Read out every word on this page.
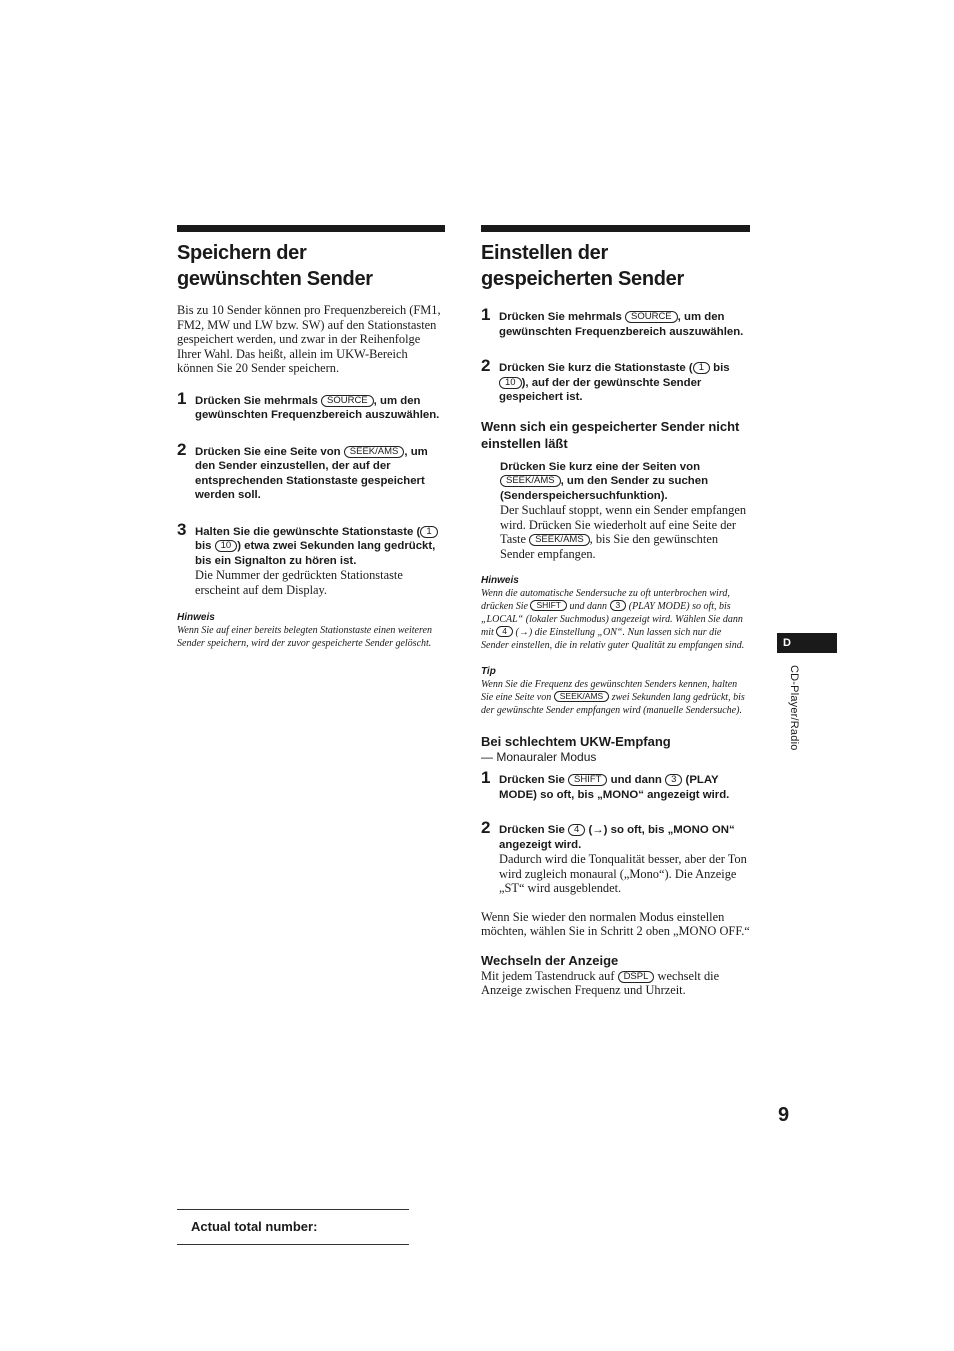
Speichern der
gewünschten Sender

Bis zu 10 Sender können pro Frequenzbereich (FM1, FM2, MW und LW bzw. SW) auf den Stationstasten gespeichert werden, und zwar in der Reihenfolge Ihrer Wahl. Das heißt, allein im UKW-Bereich können Sie 20 Sender speichern.

1 Drücken Sie mehrmals SOURCE , um den gewünschten Frequenzbereich auszuwählen.
2 Drücken Sie eine Seite von SEEK/AMS , um den Sender einzustellen, der auf der entsprechenden Stationstaste gespeichert werden soll.
3 Halten Sie die gewünschte Stationstaste ( 1 bis 10 ) etwa zwei Sekunden lang gedrückt, bis ein Signalton zu hören ist.

Die Nummer der gedrückten Stationstaste erscheint auf dem Display.

Hinweis

Wenn Sie auf einer bereits belegten Stationstaste einen weiteren Sender speichern, wird der zuvor gespeicherte Sender gelöscht.

Einstellen der
gespeicherten Sender
1 Drücken Sie mehrmals SOURCE , um den gewünschten Frequenzbereich auszuwählen.
2 Drücken Sie kurz die Stationstaste ( 1 bis 10 ), auf der der gewünschte Sender gespeichert ist.
Wenn sich ein gespeicherter Sender nicht einstellen läßt
Drücken Sie kurz eine der Seiten von SEEK/AMS , um den Sender zu suchen (Senderspeichersuchfunktion).

Der Suchlauf stoppt, wenn ein Sender empfangen wird. Drücken Sie wiederholt auf eine Seite der Taste SEEK/AMS , bis Sie den gewünschten Sender empfangen.

Hinweis

Wenn die automatische Sendersuche zu oft unterbrochen wird, drücken Sie SHIFT und dann 3 (PLAY MODE) so oft, bis „LOCAL“ (lokaler Suchmodus) angezeigt wird. Wählen Sie dann mit 4 (→) die Einstellung „ON“. Nun lassen sich nur die Sender einstellen, die in relativ guter Qualität zu empfangen sind.

Tip

Wenn Sie die Frequenz des gewünschten Senders kennen, halten Sie eine Seite von SEEK/AMS zwei Sekunden lang gedrückt, bis der gewünschte Sender empfangen wird (manuelle Sendersuche).

Bei schlechtem UKW-Empfang
— Monauraler Modus
1 Drücken Sie SHIFT und dann 3 (PLAY MODE) so oft, bis „MONO“ angezeigt wird.
2 Drücken Sie 4 (→) so oft, bis „MONO ON“ angezeigt wird.

Dadurch wird die Tonqualität besser, aber der Ton wird zugleich monaural („Mono“). Die Anzeige „ST“ wird ausgeblendet.

Wenn Sie wieder den normalen Modus einstellen möchten, wählen Sie in Schritt 2 oben „MONO OFF.“

Wechseln der Anzeige

Mit jedem Tastendruck auf DSPL wechselt die Anzeige zwischen Frequenz und Uhrzeit.

D
CD-Player/Radio
9
Actual total number:
